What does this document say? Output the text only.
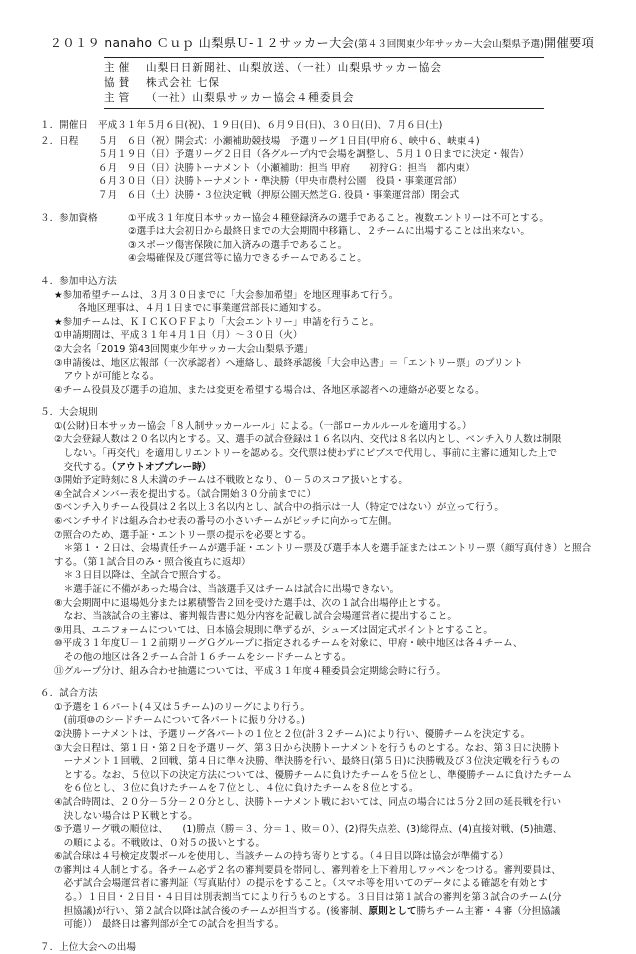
２０１９ nanaho Ｃｕｐ 山梨県Ｕ-１２サッカー大会(第４３回関東少年サッカー大会山梨県予選)開催要項
主催	山梨日日新聞社、山梨放送、（一社）山梨県サッカー協会
協賛	株式会社 七保
主管	（一社）山梨県サッカー協会４種委員会
１．開催日	平成３１年５月６日(祝)、１９日(日)、６月９日(日)、３０日(日)、７月６日(土)
２．日程	５月　６日（祝）開会式：小瀬補助競技場　予選リーグ１日目(甲府６、峡中６、峡東４)
５月１９日（日）予選リーグ２日目（各グループ内で会場を調整し、５月１０日までに決定・報告）
６月　９日（日）決勝トーナメント（小瀬補助：担当 甲府　　初狩Ｇ：担当　都内東）
６月３０日（日）決勝トーナメント・準決勝（甲央市農村公園　役員・事業運営部）
７月　６日（土）決勝・３位決定戦（押原公園天然芝Ｇ. 役員・事業運営部）閉会式
３．参加資格	①平成３１年度日本サッカー協会４種登録済みの選手であること。複数エントリーは不可とする。
②選手は大会初日から最終日までの大会期間中移籍し、２チームに出場することは出来ない。
③スポーツ傷害保険に加入済みの選手であること。
④会場確保及び運営等に協力できるチームであること。
４．参加申込方法
★参加希望チームは、３月３０日までに「大会参加希望」を地区理事あて行う。
　各地区理事は、４月１日までに事業運営部長に通知する。
★参加チームは、ＫＩＣＫＯＦＦより「大会エントリー」申請を行うこと。
①申請期間は、平成３１年４月１日（月）～３０日（火）
②大会名「2019 第43回関東少年サッカー大会山梨県予選」
③申請後は、地区広報部（一次承認者）へ連絡し、最終承認後「大会申込書」＝「エントリー票」のプリント
　アウトが可能となる。
④チーム役員及び選手の追加、または変更を希望する場合は、各地区承認者への連絡が必要となる。
５．大会規則
①(公財)日本サッカー協会「８人制サッカールール」による。（一部ローカルルールを適用する。）
②大会登録人数は２０名以内とする。又、選手の試合登録は１６名以内、交代は８名以内とし、ベンチ入り人数は制限
　しない。「再交代」を適用しリエントリーを認める。交代票は使わずにビブスで代用し、事前に主審に通知した上で
　交代する。（アウトオブプレー時）
③開始予定時刻に８人未満のチームは不戦敗となり、０－５のスコア扱いとする。
④全試合メンバー表を提出する。（試合開始３０分前までに）
⑤ベンチ入りチーム役員は２名以上３名以内とし、試合中の指示は一人（特定ではない）が立って行う。
⑥ベンチサイドは組み合わせ表の番号の小さいチームがピッチに向かって左側。
⑦照合のため、選手証・エントリー票の提示を必要とする。
　＊第１・２日は、会場責任チームが選手証・エントリー票及び選手本人を選手証またはエントリー票（顔写真付き）と照合する。（第１試合目のみ・照合後直ちに返却）
　＊３日目以降は、全試合で照合する。
　＊選手証に不備があった場合は、当該選手又はチームは試合に出場できない。
⑧大会期間中に退場処分または累積警告２回を受けた選手は、次の１試合出場停止とする。
　なお、当該試合の主審は、審判報告書に処分内容を記載し試合会場運営者に提出すること。
⑨用具、ユニフォームについては、日本協会規則に準ずるが、シューズは固定式ポイントとすること。
⑩平成３１年度Ｕ－１２前期リーグＧグループに指定されるチームを対象に、甲府・峡中地区は各４チーム、
　その他の地区は各２チーム合計１６チームをシードチームとする。
⑪グループ分け、組み合わせ抽選については、平成３１年度４種委員会定期総会時に行う。
６．試合方法
①予選を１６パート(４又は５チーム)のリーグにより行う。
　(前項⑩のシードチームについて各パートに振り分ける。)
②決勝トーナメントは、予選リーグ各パートの１位と２位(計３２チーム)により行い、優勝チームを決定する。
③大会日程は、第１日・第２日を予選リーグ、第３日から決勝トーナメントを行うものとする。なお、第３日に決勝ト
　ーナメント１回戦、２回戦、第４日に準々決勝、準決勝を行い、最終日(第５日)に決勝戦及び３位決定戦を行うもの
　とする。なお、５位以下の決定方法については、優勝チームに負けたチームを５位とし、準優勝チームに負けたチーム
　を６位とし、３位に負けたチームを７位とし、４位に負けたチームを８位とする。
④試合時間は、２０分－５分－２０分とし、決勝トーナメント戦においては、同点の場合には５分２回の延長戦を行い
　決しない場合はＰＫ戦とする。
⑤予選リーグ戦の順位は、　　(1)勝点（勝＝３、分＝１、敗＝０）、(2)得失点差、(3)総得点、(4)直接対戦、(5)抽選、
　の順による。不戦敗は、０対５の扱いとする。
⑥試合球は４号検定皮製ボールを使用し、当該チームの持ち寄りとする。（４日目以降は協会が準備する）
⑦審判は４人制とする。各チーム必ず２名の審判要員を帯同し、審判着を上下着用しワッペンをつける。審判要員は、
　必ず試合会場運営者に審判証（写真貼付）の提示をすること。（スマホ等を用いてのデータによる確認を有効とす
　る。）１日目・２日目・４日目は別表割当てにより行うものとする。３日目は第１試合の審判を第３試合のチーム(分
　担協議)が行い、第２試合以降は試合後のチームが担当する。(後審制、原則として勝ちチーム主審・４審（分担協議
　可能））　最終日は審判部が全ての試合を担当する。
７．上位大会への出場
